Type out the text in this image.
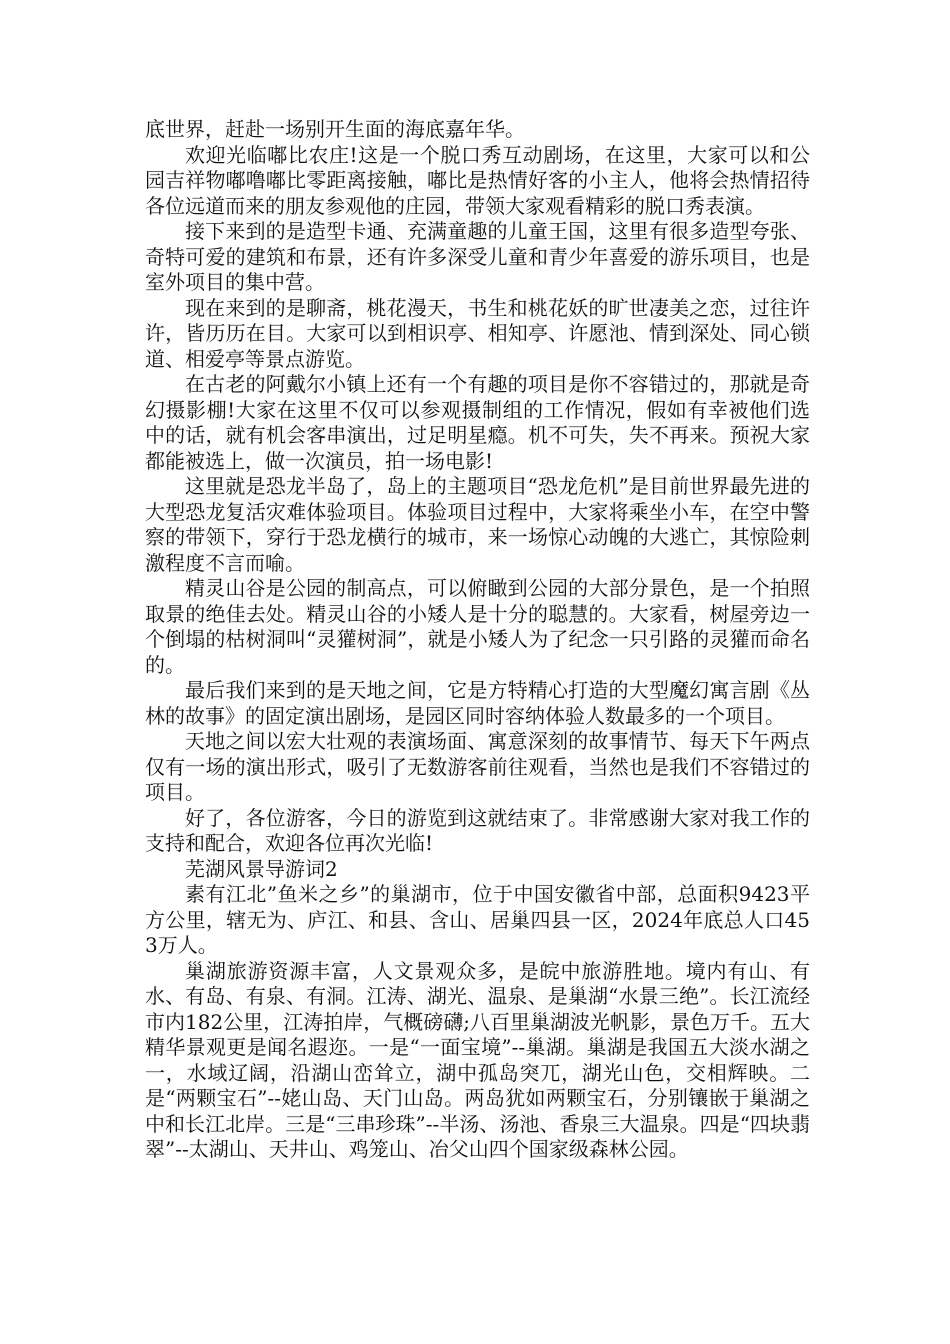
底世界，赶赴一场别开生面的海底嘉年华。

欢迎光临嘟比农庄!这是一个脱口秀互动剧场，在这里，大家可以和公园吉祥物嘟噜嘟比零距离接触，嘟比是热情好客的小主人，他将会热情招待各位远道而来的朋友参观他的庄园，带领大家观看精彩的脱口秀表演。

接下来到的是造型卡通、充满童趣的儿童王国，这里有很多造型夸张、奇特可爱的建筑和布景，还有许多深受儿童和青少年喜爱的游乐项目，也是室外项目的集中营。

现在来到的是聊斋，桃花漫天，书生和桃花妖的旷世凄美之恋，过往许许，皆历历在目。大家可以到相识亭、相知亭、许愿池、情到深处、同心锁道、相爱亭等景点游览。

在古老的阿戴尔小镇上还有一个有趣的项目是你不容错过的，那就是奇幻摄影棚!大家在这里不仅可以参观摄制组的工作情况，假如有幸被他们选中的话，就有机会客串演出，过足明星瘾。机不可失，失不再来。预祝大家都能被选上，做一次演员，拍一场电影!

这里就是恐龙半岛了，岛上的主题项目“恐龙危机”是目前世界最先进的大型恐龙复活灾难体验项目。体验项目过程中，大家将乘坐小车，在空中警察的带领下，穿行于恐龙横行的城市，来一场惊心动魄的大逃亡，其惊险刺激程度不言而喻。

精灵山谷是公园的制高点，可以俯瞰到公园的大部分景色，是一个拍照取景的绝佳去处。精灵山谷的小矮人是十分的聪慧的。大家看，树屋旁边一个倒塌的枯树洞叫“灵獾树洞”，就是小矮人为了纪念一只引路的灵獾而命名的。

最后我们来到的是天地之间，它是方特精心打造的大型魔幻寓言剧《丛林的故事》的固定演出剧场，是园区同时容纳体验人数最多的一个项目。

天地之间以宏大壮观的表演场面、寓意深刻的故事情节、每天下午两点仅有一场的演出形式，吸引了无数游客前往观看，当然也是我们不容错过的项目。

好了，各位游客，今日的游览到这就结束了。非常感谢大家对我工作的支持和配合，欢迎各位再次光临!

芜湖风景导游词2

素有江北”鱼米之乡”的巢湖市，位于中国安徽省中部，总面积9423平方公里，辖无为、庐江、和县、含山、居巢四县一区，2024年底总人口453万人。

巢湖旅游资源丰富，人文景观众多，是皖中旅游胜地。境内有山、有水、有岛、有泉、有洞。江涛、湖光、温泉、是巢湖“水景三绝”。长江流经市内182公里，江涛拍岸，气概磅礴;八百里巢湖波光帆影，景色万千。五大精华景观更是闻名遐迩。一是“一面宝境”--巢湖。巢湖是我国五大淡水湖之一，水域辽阔，沿湖山峦耸立，湖中孤岛突兀，湖光山色，交相辉映。二是“两颗宝石”--姥山岛、天门山岛。两岛犹如两颗宝石，分别镶嵌于巢湖之中和长江北岸。三是“三串珍珠”--半汤、汤池、香泉三大温泉。四是“四块翡翠”--太湖山、天井山、鸡笼山、冶父山四个国家级森林公园。
